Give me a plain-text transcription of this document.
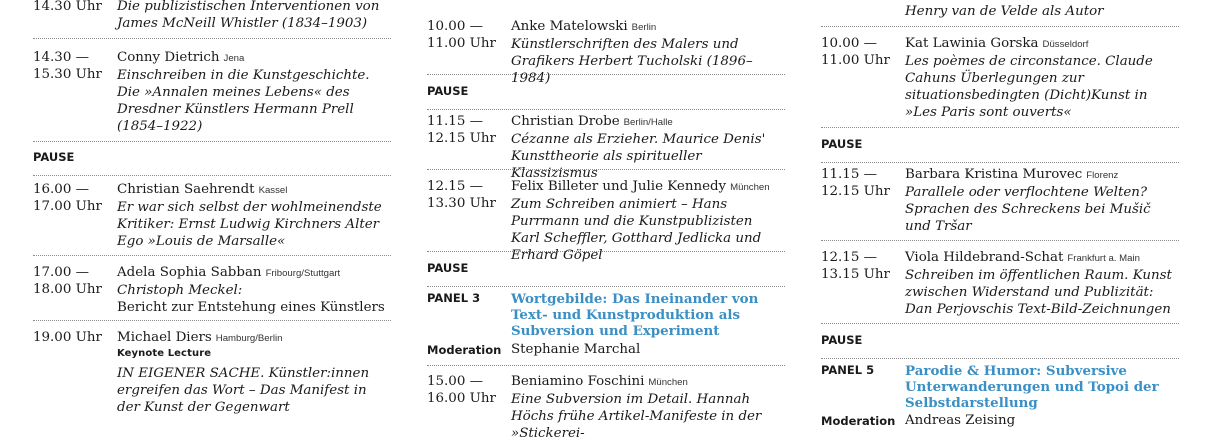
14.30 Uhr	Die publizistischen Interventionen von James McNeill Whistler (1834–1903)
14.30 —
15.30 Uhr
Conny Dietrich Jena
Einschreiben in die Kunstgeschichte. Die »Annalen meines Lebens« des Dresdner Künstlers Hermann Prell (1854–1922)
PAUSE
16.00 —
17.00 Uhr
Christian Saehrendt Kassel
Er war sich selbst der wohlmeinendste Kritiker: Ernst Ludwig Kirchners Alter Ego »Louis de Marsalle«
17.00 —
18.00 Uhr
Adela Sophia Sabban Fribourg/Stuttgart
Christoph Meckel:
Bericht zur Entstehung eines Künstlers
19.00 Uhr	Michael Diers Hamburg/Berlin
Keynote Lecture
IN EIGENER SACHE. Künstler:innen ergreifen das Wort – Das Manifest in der Kunst der Gegenwart
10.00 —
11.00 Uhr
Anke Matelowski Berlin
Künstlerschriften des Malers und Grafikers Herbert Tucholski (1896–1984)
PAUSE
11.15 —
12.15 Uhr
Christian Drobe Berlin/Halle
Cézanne als Erzieher. Maurice Denis' Kunsttheorie als spiritueller Klassizismus
12.15 —
13.30 Uhr
Felix Billeter und Julie Kennedy München
Zum Schreiben animiert – Hans Purrmann und die Kunstpublizisten Karl Scheffler, Gotthard Jedlicka und Erhard Göpel
PAUSE
PANEL 3 Wortgebilde: Das Ineinander von Text- und Kunstproduktion als Subversion und Experiment
Moderation Stephanie Marchal
15.00 —
16.00 Uhr
Beniamino Foschini München
Eine Subversion im Detail. Hannah Höchs frühe Artikel-Manifeste in der »Stickerei-
Henry van de Velde als Autor
10.00 —
11.00 Uhr
Kat Lawinia Gorska Düsseldorf
Les poèmes de circonstance. Claude Cahuns Überlegungen zur situationsbedingten (Dicht)Kunst in »Les Paris sont ouverts«
PAUSE
11.15 —
12.15 Uhr
Barbara Kristina Murovec Florenz
Parallele oder verflochtene Welten? Sprachen des Schreckens bei Mušič und Tršar
12.15 —
13.15 Uhr
Viola Hildebrand-Schat Frankfurt a. Main
Schreiben im öffentlichen Raum. Kunst zwischen Widerstand und Publizität: Dan Perjovschis Text-Bild-Zeichnungen
PAUSE
PANEL 5 Parodie & Humor: Subversive Unterwanderungen und Topoi der Selbstdarstellung
Moderation Andreas Zeising
